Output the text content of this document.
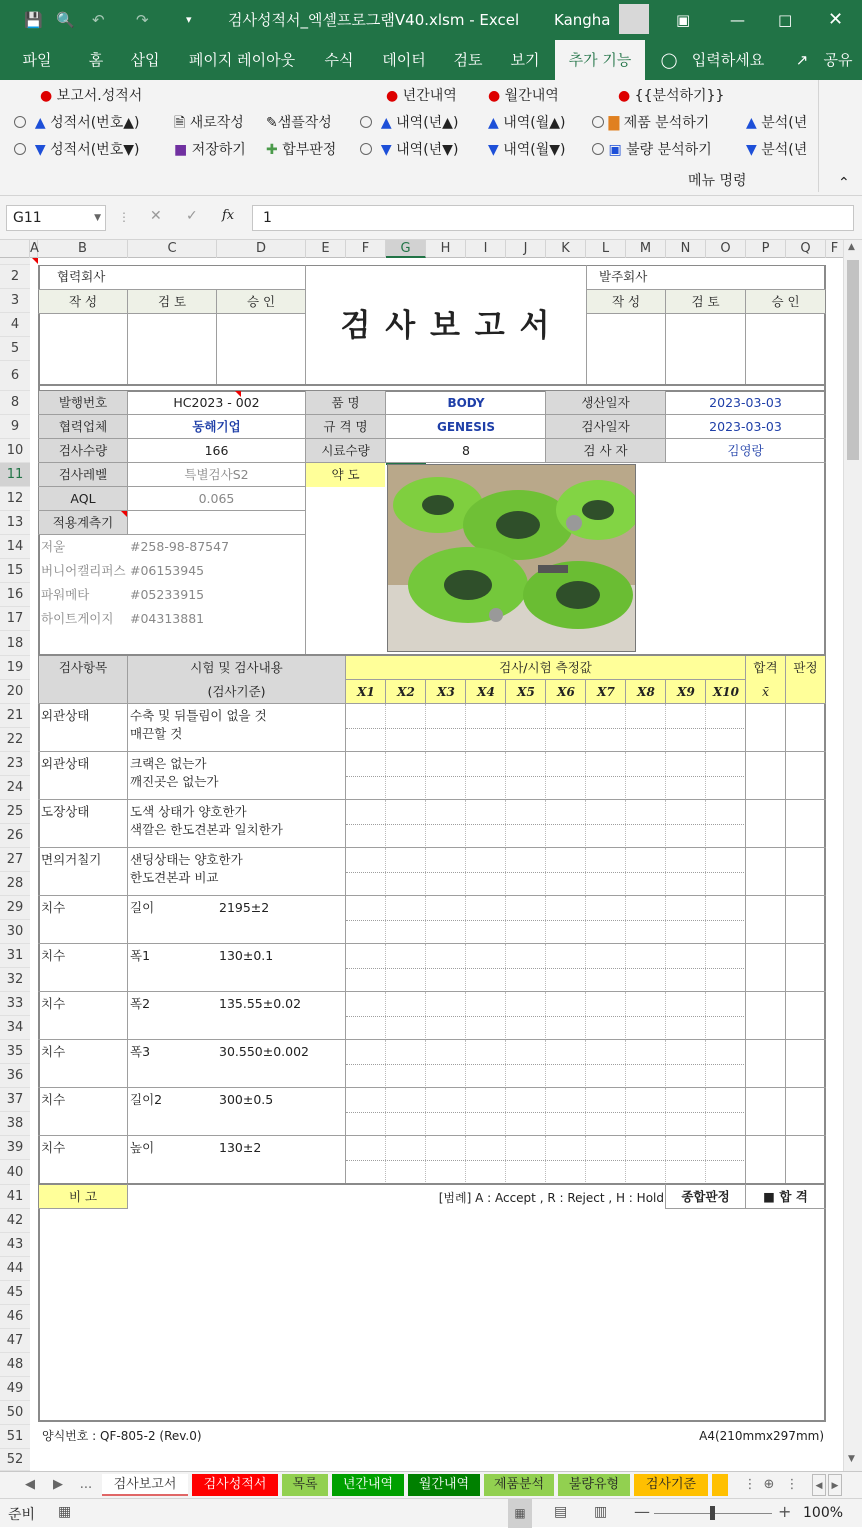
💾 🔍 ↶ ↷	▾ 검사성적서_엑셀프로그램V40.xlsm - Excel Kangha	▣	— □ ✕
파일	홈	삽입	페이지 레이아웃	수식	데이터	검토	보기	추가 기능	◯ 입력하세요	↗	공유
● 보고서.성적서
▲ 성적서(번호▲)
▼ 성적서(번호▼)
🗎 새로작성
■ 저장하기
✎샘플작성
✚ 합부판정
● 년간내역 ● 월간내역	● {{분석하기}}
▲ 내역(년▲)
▼ 내역(년▼)
▲ 내역(월▲)
▼ 내역(월▼)
▇ 제품 분석하기
▣ 불량 분석하기
▲ 분석(년
▼ 분석(년
메뉴 명령	⌃
G11	▼ ⋮ ✕ ✓ fx	1
A	B	C	D	E	F	G	H	I	J	K	L	M	N	O	P	Q	F
2
3
4
5
6
8
9
10
11
12
13
14
15
16
17
18
19
20
21
22
23
24
25
26
27
28
29
30
31
32
33
34
35
36
37
38
39
40
41
42
43
44
45
46
47
48
49
50
51
52
협력회사	발주회사
작 성	검 토	승 인	작 성	검 토	승 인
검 사 보 고 서
발행번호	HC2023 - 002	품 명	BODY	생산일자	2023-03-03
협력업체	동해기업	규 격 명	GENESIS	검사일자	2023-03-03
검사수량	166	시료수량	8	검 사 자	김영랑
검사레벨	특별검사S2	약 도
AQL	0.065
적용계측기
저울	#258-98-87547
버니어캘리퍼스 #06153945
파워메타	#05233915
하이트게이지	#04313881
검사항목	시험 및 검사내용
(검사기준)
검사/시험 측정값	합격
x̄
판정
X1	X2	X3	X4	X5	X6	X7	X8	X9	X10
외관상태	수축 및 뒤틀림이 없을 것
매끈할 것
외관상태	크랙은 없는가
깨진곳은 없는가
도장상태	도색 상태가 양호한가
색깔은 한도견본과 일치한가
면의거칠기	샌딩상태는 양호한가
한도견본과 비교
치수	길이	2195±2
치수	폭1	130±0.1
치수	폭2	135.55±0.02
치수	폭3	30.550±0.002
치수	길이2	300±0.5
치수	높이	130±2
비 고	[범례] A : Accept , R : Reject , H : Hold	종합판정	■ 합 격
양식번호 : QF-805-2 (Rev.0)	A4(210mmx297mm)
▲
▼
◀ ▶	...	검사보고서	검사성적서	목록	년간내역	월간내역	제품분석	불량유형	검사기준	⋮ ⊕ ⋮	◀	▶
준비 ▦	▦	▤ ▥ —	+ 100%
